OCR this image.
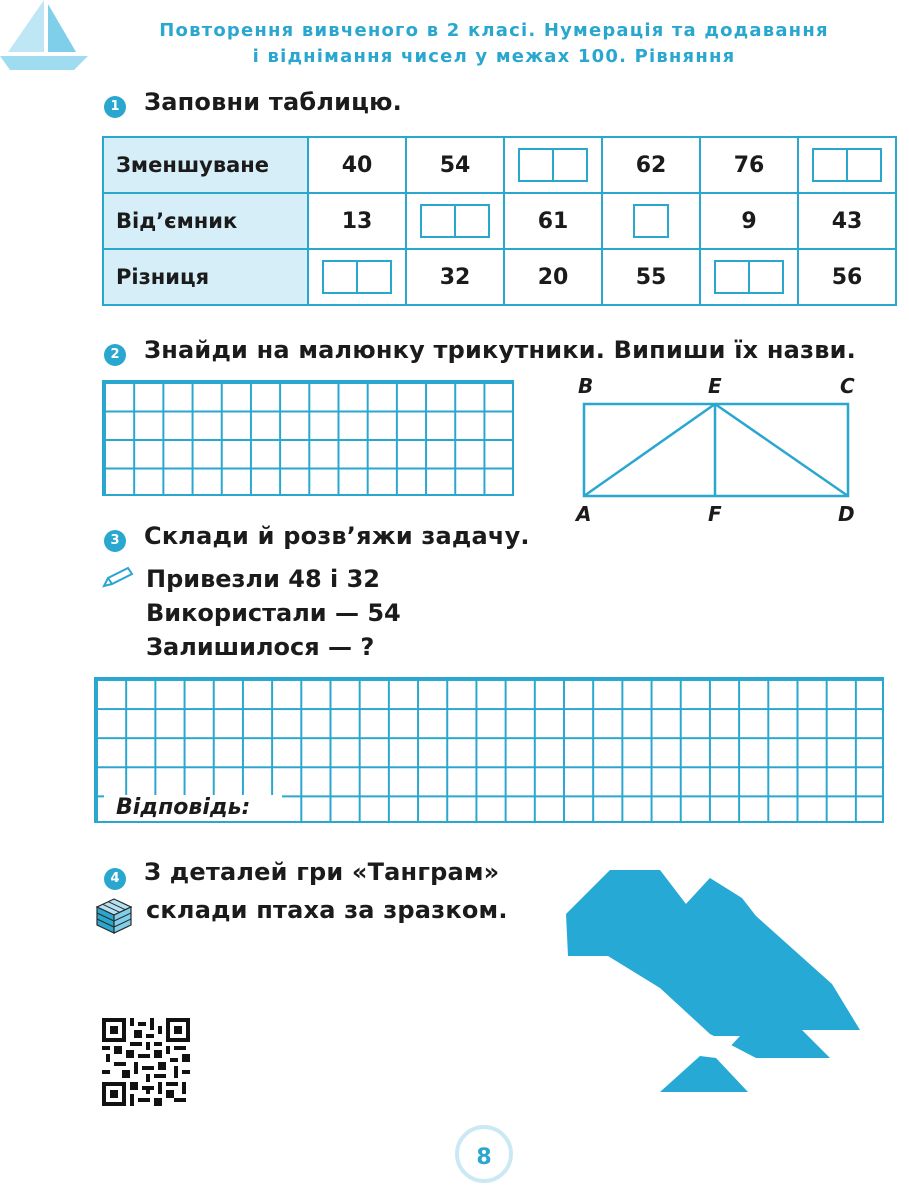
Повторення вивченого в 2 класі. Нумерація та додавання
і віднімання чисел у межах 100. Рівняння
1 Заповни таблицю.
Зменшуване	40	54		62	76	

Від’ємник	13		61		9	43
Різниця		32	20	55		56
2 Знайди на малюнку трикутники. Випиши їх назви.
B	E	C
A	F	D
3 Склади й розв’яжи задачу.
Привезли 48 і 32
Використали — 54
Залишилося — ?
Відповідь:
4 З деталей гри «Танграм»
склади птаха за зразком.
8
